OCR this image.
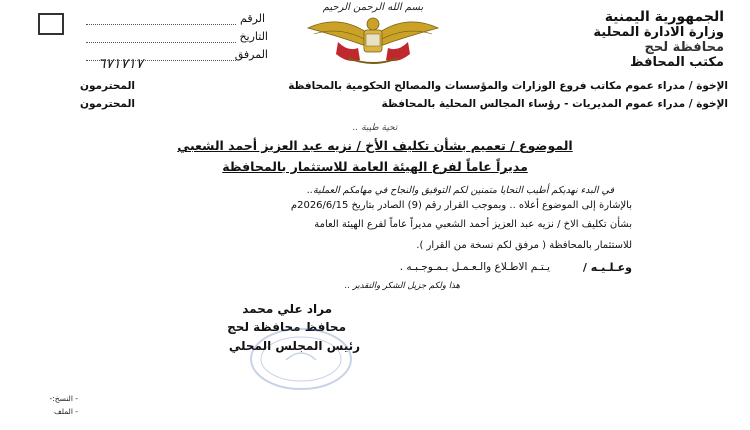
الجمهورية اليمنية
وزارة الادارة المحلية
محافظة لحج
مكتب المحافظ
بسم الله الرحمن الرحيم
الرقم
التاريخ
المرفق
٦٧١٧١٧
الإخوة / مدراء عموم مكاتب فروع الوزارات والمؤسسات والمصالح الحكومية بالمحافظة
المحترمون
الإخوة / مدراء عموم المديريات - رؤساء المجالس المحلية بالمحافظة
المحترمون
تحية طيبة ..
الموضوع / تعميم بشأن تكليف الأخ / نزيه عبد العزيز أحمد الشعبي
مديراً عاماً لفرع الهيئة العامة للاستثمار بالمحافظة
في البدء نهديكم أطيب التحايا متمنين لكم التوفيق والنجاح في مهامكم العملية..
بالإشارة إلى الموضوع أعلاه .. وبموجب القرار رقم (9) الصادر بتاريخ 2026/6/15م
بشأن تكليف الاخ / نزيه عبد العزيز أحمد الشعبي مديراً عاماً لفرع الهيئة العامة
للاستثمار بالمحافظة ( مرفق لكم نسخة من القرار ).
وعـلـيـه /
يـتـم الاطـلاع والـعـمـل بـمـوجـبـه .
هذا ولكم جزيل الشكر والتقدير ..
مراد علي محمد
محافظ محافظة لحج
رئيس المجلس المحلي
- النسخ:-
- الملف
